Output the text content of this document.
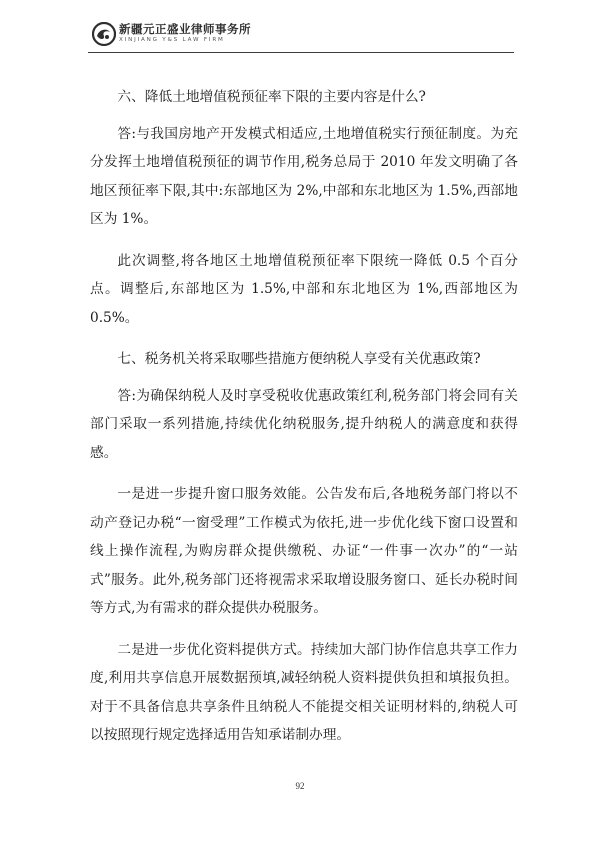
新疆元正盛业律师事务所
XINJIANG Y&S LAW FIRM

六、降低土地增值税预征率下限的主要内容是什么?

答:与我国房地产开发模式相适应,土地增值税实行预征制度。为充分发挥土地增值税预征的调节作用,税务总局于 2010 年发文明确了各地区预征率下限,其中:东部地区为 2%,中部和东北地区为 1.5%,西部地区为 1%。

此次调整,将各地区土地增值税预征率下限统一降低 0.5 个百分点。调整后,东部地区为 1.5%,中部和东北地区为 1%,西部地区为 0.5%。

七、税务机关将采取哪些措施方便纳税人享受有关优惠政策?

答:为确保纳税人及时享受税收优惠政策红利,税务部门将会同有关部门采取一系列措施,持续优化纳税服务,提升纳税人的满意度和获得感。

一是进一步提升窗口服务效能。公告发布后,各地税务部门将以不动产登记办税“一窗受理”工作模式为依托,进一步优化线下窗口设置和线上操作流程,为购房群众提供缴税、办证“一件事一次办”的“一站式”服务。此外,税务部门还将视需求采取增设服务窗口、延长办税时间等方式,为有需求的群众提供办税服务。

二是进一步优化资料提供方式。持续加大部门协作信息共享工作力度,利用共享信息开展数据预填,减轻纳税人资料提供负担和填报负担。对于不具备信息共享条件且纳税人不能提交相关证明材料的,纳税人可以按照现行规定选择适用告知承诺制办理。

92
